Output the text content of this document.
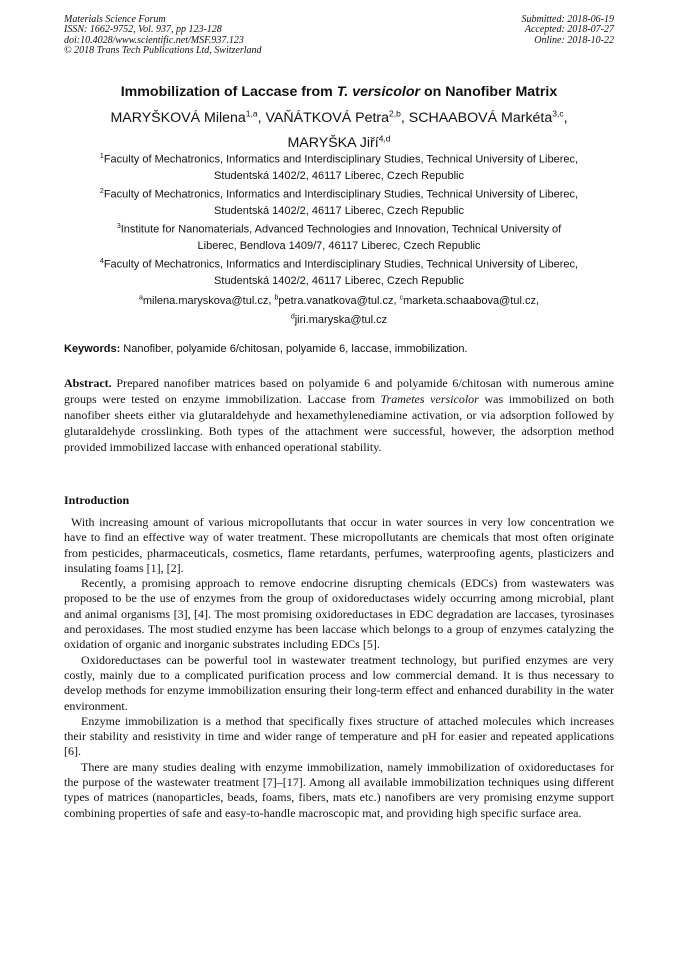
Materials Science Forum
ISSN: 1662-9752, Vol. 937, pp 123-128
doi:10.4028/www.scientific.net/MSF.937.123
© 2018 Trans Tech Publications Ltd, Switzerland
Submitted: 2018-06-19
Accepted: 2018-07-27
Online: 2018-10-22
Immobilization of Laccase from T. versicolor on Nanofiber Matrix
MARYŠKOVÁ Milena$^{1,a}$, VAŇÁTKOVÁ Petra$^{2,b}$, SCHAABOVÁ Markéta$^{3,c}$,
MARYŠKA Jiří$^{4,d}$
$^1$Faculty of Mechatronics, Informatics and Interdisciplinary Studies, Technical University of Liberec,
Studentská 1402/2, 46117 Liberec, Czech Republic
$^2$Faculty of Mechatronics, Informatics and Interdisciplinary Studies, Technical University of Liberec,
Studentská 1402/2, 46117 Liberec, Czech Republic
$^3$Institute for Nanomaterials, Advanced Technologies and Innovation, Technical University of
Liberec, Bendlova 1409/7, 46117 Liberec, Czech Republic
$^4$Faculty of Mechatronics, Informatics and Interdisciplinary Studies, Technical University of Liberec,
Studentská 1402/2, 46117 Liberec, Czech Republic
$^a$milena.maryskova@tul.cz, $^b$petra.vanatkova@tul.cz, $^c$marketa.schaabova@tul.cz,
$^d$jiri.maryska@tul.cz
Keywords: Nanofiber, polyamide 6/chitosan, polyamide 6, laccase, immobilization.
Abstract. Prepared nanofiber matrices based on polyamide 6 and polyamide 6/chitosan with numerous amine groups were tested on enzyme immobilization. Laccase from Trametes versicolor was immobilized on both nanofiber sheets either via glutaraldehyde and hexamethylenediamine activation, or via adsorption followed by glutaraldehyde crosslinking. Both types of the attachment were successful, however, the adsorption method provided immobilized laccase with enhanced operational stability.
Introduction

With increasing amount of various micropollutants that occur in water sources in very low concentration we have to find an effective way of water treatment. These micropollutants are chemicals that most often originate from pesticides, pharmaceuticals, cosmetics, flame retardants, perfumes, waterproofing agents, plasticizers and insulating foams [1], [2].

Recently, a promising approach to remove endocrine disrupting chemicals (EDCs) from wastewaters was proposed to be the use of enzymes from the group of oxidoreductases widely occurring among microbial, plant and animal organisms [3], [4]. The most promising oxidoreductases in EDC degradation are laccases, tyrosinases and peroxidases. The most studied enzyme has been laccase which belongs to a group of enzymes catalyzing the oxidation of organic and inorganic substrates including EDCs [5].

Oxidoreductases can be powerful tool in wastewater treatment technology, but purified enzymes are very costly, mainly due to a complicated purification process and low commercial demand. It is thus necessary to develop methods for enzyme immobilization ensuring their long-term effect and enhanced durability in the water environment.

Enzyme immobilization is a method that specifically fixes structure of attached molecules which increases their stability and resistivity in time and wider range of temperature and pH for easier and repeated applications [6].

There are many studies dealing with enzyme immobilization, namely immobilization of oxidoreductases for the purpose of the wastewater treatment [7]–[17]. Among all available immobilization techniques using different types of matrices (nanoparticles, beads, foams, fibers, mats etc.) nanofibers are very promising enzyme support combining properties of safe and easy-to-handle macroscopic mat, and providing high specific surface area.
